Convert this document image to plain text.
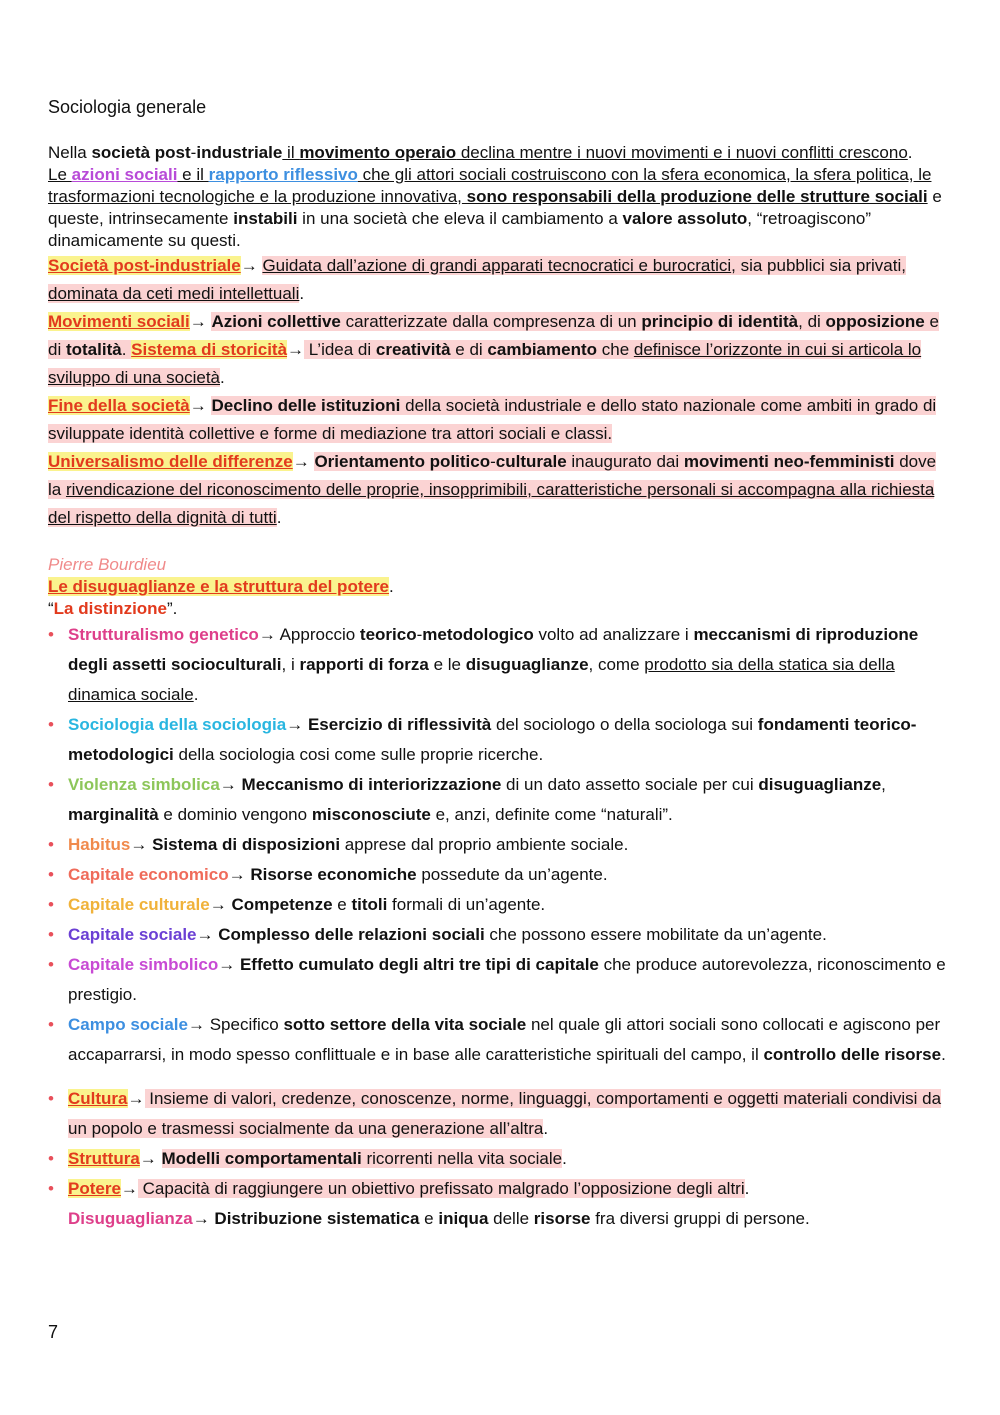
Sociologia generale

Nella società post-industriale il movimento operaio declina mentre i nuovi movimenti e i nuovi conflitti crescono.

Le azioni sociali e il rapporto riflessivo che gli attori sociali costruiscono con la sfera economica, la sfera politica, le trasformazioni tecnologiche e la produzione innovativa, sono responsabili della produzione delle strutture sociali e queste, intrinsecamente instabili in una società che eleva il cambiamento a valore assoluto, “retroagiscono” dinamicamente su questi.

Società post-industriale→ Guidata dall’azione di grandi apparati tecnocratici e burocratici, sia pubblici sia privati, dominata da ceti medi intellettuali.

Movimenti sociali→ Azioni collettive caratterizzate dalla compresenza di un principio di identità, di opposizione e di totalità. Sistema di storicità→ L’idea di creatività e di cambiamento che definisce l’orizzonte in cui si articola lo sviluppo di una società.

Fine della società→ Declino delle istituzioni della società industriale e dello stato nazionale come ambiti in grado di sviluppate identità collettive e forme di mediazione tra attori sociali e classi.

Universalismo delle differenze→ Orientamento politico-culturale inaugurato dai movimenti neo-femministi dove la rivendicazione del riconoscimento delle proprie, insopprimibili, caratteristiche personali si accompagna alla richiesta del rispetto della dignità di tutti.

Pierre Bourdieu

Le disuguaglianze e la struttura del potere.

“La distinzione”.

• Strutturalismo genetico→ Approccio teorico-metodologico volto ad analizzare i meccanismi di riproduzione degli assetti socioculturali, i rapporti di forza e le disuguaglianze, come prodotto sia della statica sia della dinamica sociale.
• Sociologia della sociologia→ Esercizio di riflessività del sociologo o della sociologa sui fondamenti teorico-metodologici della sociologia cosi come sulle proprie ricerche.
• Violenza simbolica→ Meccanismo di interiorizzazione di un dato assetto sociale per cui disuguaglianze, marginalità e dominio vengono misconosciute e, anzi, definite come “naturali”.
• Habitus→ Sistema di disposizioni apprese dal proprio ambiente sociale.
• Capitale economico→ Risorse economiche possedute da un’agente.
• Capitale culturale→ Competenze e titoli formali di un’agente.
• Capitale sociale→ Complesso delle relazioni sociali che possono essere mobilitate da un’agente.
• Capitale simbolico→ Effetto cumulato degli altri tre tipi di capitale che produce autorevolezza, riconoscimento e prestigio.
• Campo sociale→ Specifico sotto settore della vita sociale nel quale gli attori sociali sono collocati e agiscono per accaparrarsi, in modo spesso conflittuale e in base alle caratteristiche spirituali del campo, il controllo delle risorse.
• Cultura→ Insieme di valori, credenze, conoscenze, norme, linguaggi, comportamenti e oggetti materiali condivisi da un popolo e trasmessi socialmente da una generazione all’altra.
• Struttura→ Modelli comportamentali ricorrenti nella vita sociale.
• Potere→ Capacità di raggiungere un obiettivo prefissato malgrado l’opposizione degli altri.
Disuguaglianza→ Distribuzione sistematica e iniqua delle risorse fra diversi gruppi di persone.
7
